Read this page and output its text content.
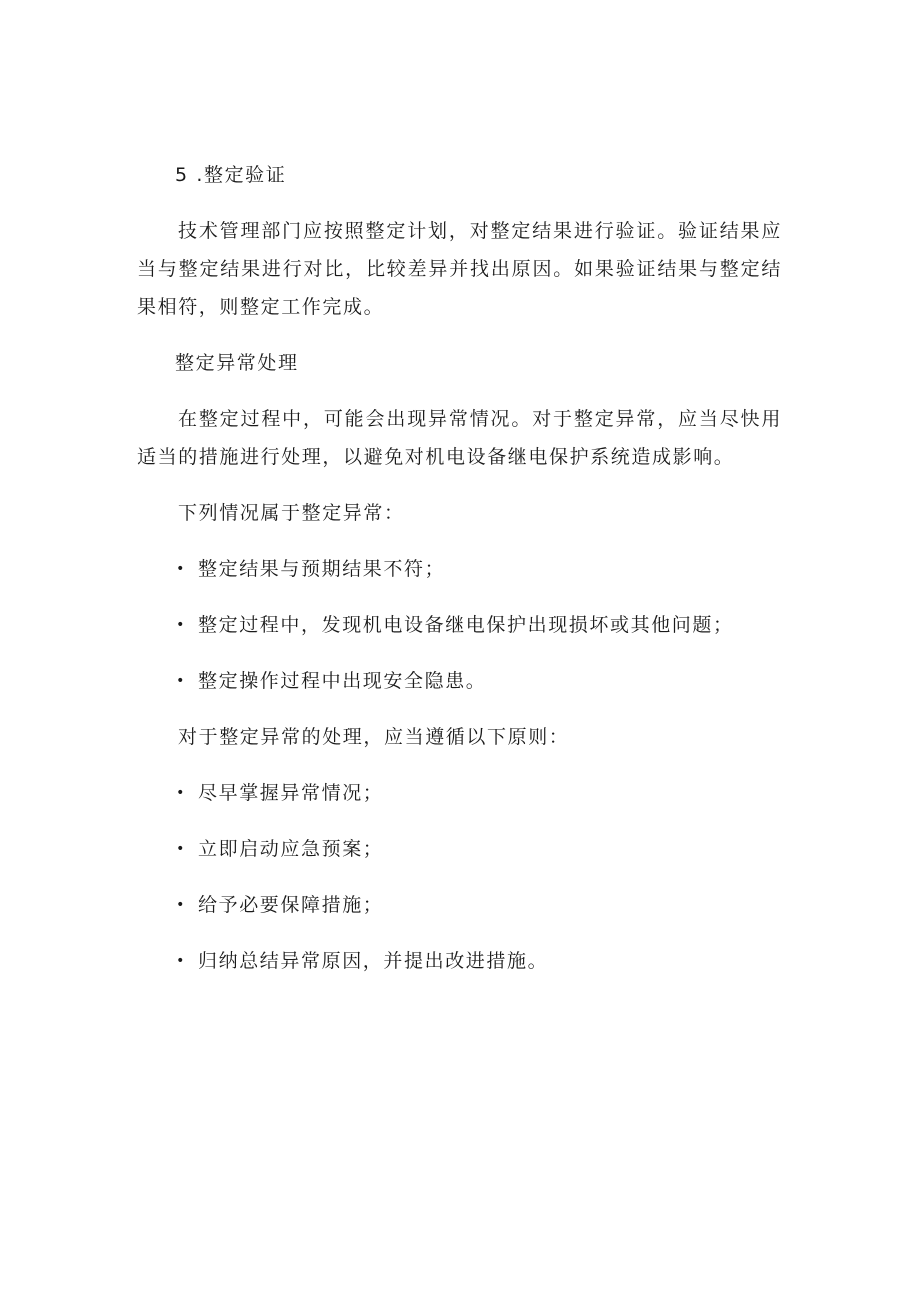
5 .整定验证

技术管理部门应按照整定计划，对整定结果进行验证。验证结果应当与整定结果进行对比，比较差异并找出原因。如果验证结果与整定结果相符，则整定工作完成。

整定异常处理

在整定过程中，可能会出现异常情况。对于整定异常，应当尽快用适当的措施进行处理，以避免对机电设备继电保护系统造成影响。

下列情况属于整定异常：

• 整定结果与预期结果不符；
• 整定过程中，发现机电设备继电保护出现损坏或其他问题；
• 整定操作过程中出现安全隐患。

对于整定异常的处理，应当遵循以下原则：

• 尽早掌握异常情况；
• 立即启动应急预案；
• 给予必要保障措施；
• 归纳总结异常原因，并提出改进措施。
